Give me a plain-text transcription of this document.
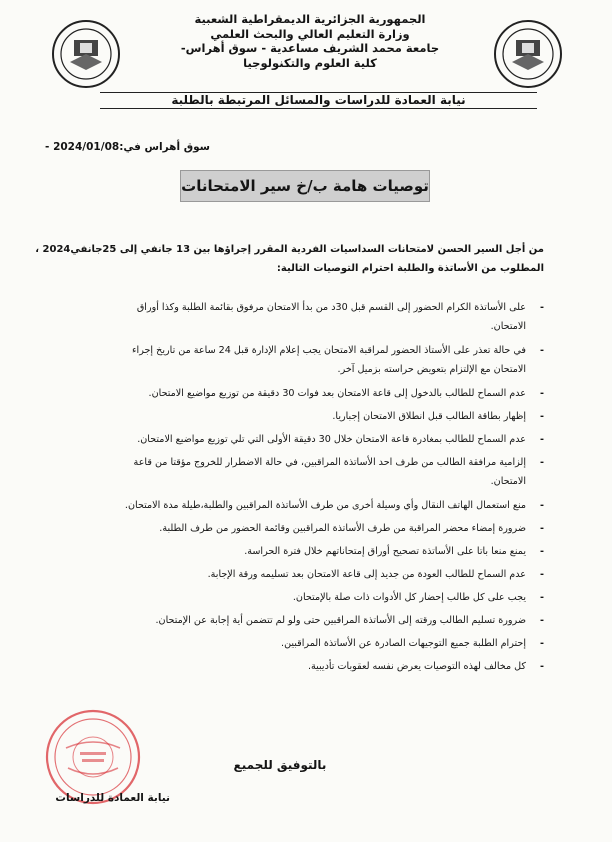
الجمهورية الجزائرية الديمقراطية الشعبية
وزارة التعليم العالي والبحث العلمي
جامعة محمد الشريف مساعدية - سوق أهراس-
كلية العلوم والتكنولوجيا
نيابة العمادة للدراسات والمسائل المرتبطة بالطلبة
سوق أهراس في:2024/01/08 -
توصيات هامة ب/خ سير الامتحانات
من أجل السير الحسن لامتحانات السداسيات الفردية المقرر إجراؤها بين 13 جانفي إلى 25جانفي2024 ،
المطلوب من الأساتذة والطلبة احترام التوصيات التالية:
-
على الأساتذة الكرام الحضور إلى القسم قبل 30د من بدأ الامتحان مرفوق بقائمة الطلبة وكذا أوراق
الامتحان.
-
في حالة تعذر على الأستاذ الحضور لمراقبة الامتحان يجب إعلام الإدارة قبل 24 ساعة من تاريخ إجراء
الامتحان مع الإلتزام بتعويض حراسته بزميل آخر.
-
عدم السماح للطالب بالدخول إلى قاعة الامتحان بعد فوات 30 دقيقة من توزيع مواضيع الامتحان.
-
إظهار بطاقة الطالب قبل انطلاق الامتحان إجباريا.
-
عدم السماح للطالب بمغادرة قاعة الامتحان خلال 30 دقيقة الأولى التي تلي توزيع مواضيع الامتحان.
-
إلزامية مرافقة الطالب من طرف احد الأساتذة المراقبين، في حالة الاضطرار للخروج مؤقتا من قاعة
الامتحان.
-
منع استعمال الهاتف النقال وأي وسيلة أخرى من طرف الأساتذة المراقبين والطلبة،طيلة مدة الامتحان.
-
ضرورة إمضاء محضر المراقبة من طرف الأساتذة المراقبين وقائمة الحضور من طرف الطلبة.
-
يمنع منعا باتا على الأساتذة تصحيح أوراق إمتحاناتهم خلال فترة الحراسة.
-
عدم السماح للطالب العودة من جديد إلى قاعة الامتحان بعد تسليمه ورقة الإجابة.
-
يجب على كل طالب إحضار كل الأدوات ذات صلة بالإمتحان.
-
ضرورة تسليم الطالب ورقته إلى الأساتذة المراقبين حتى ولو لم تتضمن أية إجابة عن الإمتحان.
-
إحترام الطلبة جميع التوجيهات الصادرة عن الأساتذة المراقبين.
-
كل مخالف لهذه التوصيات يعرض نفسه لعقوبات تأديبية.
بالتوفيق للجميع
نيابة العمادة للدراسات
